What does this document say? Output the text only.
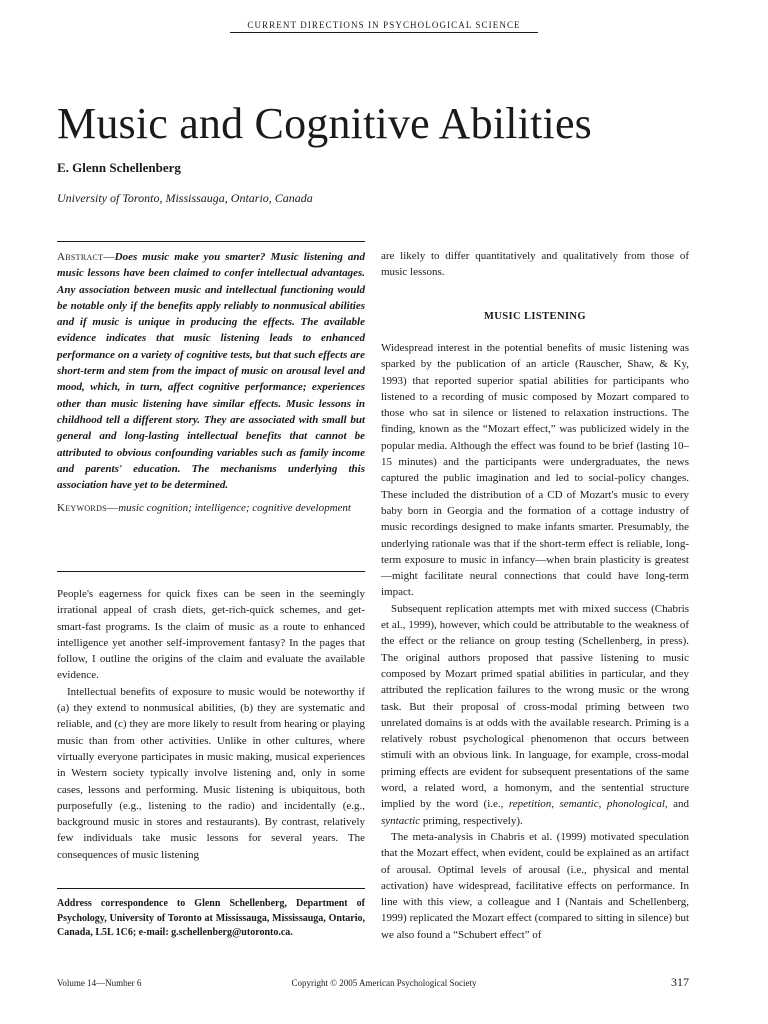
CURRENT DIRECTIONS IN PSYCHOLOGICAL SCIENCE
Music and Cognitive Abilities
E. Glenn Schellenberg
University of Toronto, Mississauga, Ontario, Canada

Abstract—Does music make you smarter? Music listening and music lessons have been claimed to confer intellectual advantages. Any association between music and intellectual functioning would be notable only if the benefits apply reliably to nonmusical abilities and if music is unique in producing the effects. The available evidence indicates that music listening leads to enhanced performance on a variety of cognitive tests, but that such effects are short-term and stem from the impact of music on arousal level and mood, which, in turn, affect cognitive performance; experiences other than music listening have similar effects. Music lessons in childhood tell a different story. They are associated with small but general and long-lasting intellectual benefits that cannot be attributed to obvious confounding variables such as family income and parents' education. The mechanisms underlying this association have yet to be determined.

Keywords—music cognition; intelligence; cognitive development

People's eagerness for quick fixes can be seen in the seemingly irrational appeal of crash diets, get-rich-quick schemes, and get-smart-fast programs. Is the claim of music as a route to enhanced intelligence yet another self-improvement fantasy? In the pages that follow, I outline the origins of the claim and evaluate the available evidence.

Intellectual benefits of exposure to music would be noteworthy if (a) they extend to nonmusical abilities, (b) they are systematic and reliable, and (c) they are more likely to result from hearing or playing music than from other activities. Unlike in other cultures, where virtually everyone participates in music making, musical experiences in Western society typically involve listening and, only in some cases, lessons and performing. Music listening is ubiquitous, both purposefully (e.g., listening to the radio) and incidentally (e.g., background music in stores and restaurants). By contrast, relatively few individuals take music lessons for several years. The consequences of music listening

Address correspondence to Glenn Schellenberg, Department of Psychology, University of Toronto at Mississauga, Mississauga, Ontario, Canada, L5L 1C6; e-mail: g.schellenberg@utoronto.ca.
are likely to differ quantitatively and qualitatively from those of music lessons.
MUSIC LISTENING

Widespread interest in the potential benefits of music listening was sparked by the publication of an article (Rauscher, Shaw, & Ky, 1993) that reported superior spatial abilities for participants who listened to a recording of music composed by Mozart compared to those who sat in silence or listened to relaxation instructions. The finding, known as the “Mozart effect,” was publicized widely in the popular media. Although the effect was found to be brief (lasting 10–15 minutes) and the participants were undergraduates, the news captured the public imagination and led to social-policy changes. These included the distribution of a CD of Mozart's music to every baby born in Georgia and the formation of a cottage industry of music recordings designed to make infants smarter. Presumably, the underlying rationale was that if the short-term effect is reliable, long-term exposure to music in infancy—when brain plasticity is greatest—might facilitate neural connections that could have long-term impact.

Subsequent replication attempts met with mixed success (Chabris et al., 1999), however, which could be attributable to the weakness of the effect or the reliance on group testing (Schellenberg, in press). The original authors proposed that passive listening to music composed by Mozart primed spatial abilities in particular, and they attributed the replication failures to the wrong music or the wrong task. But their proposal of cross-modal priming between two unrelated domains is at odds with the available research. Priming is a relatively robust psychological phenomenon that occurs between stimuli with an obvious link. In language, for example, cross-modal priming effects are evident for subsequent presentations of the same word, a related word, a homonym, and the sentential structure implied by the word (i.e., repetition, semantic, phonological, and syntactic priming, respectively).

The meta-analysis in Chabris et al. (1999) motivated speculation that the Mozart effect, when evident, could be explained as an artifact of arousal. Optimal levels of arousal (i.e., physical and mental activation) have widespread, facilitative effects on performance. In line with this view, a colleague and I (Nantais and Schellenberg, 1999) replicated the Mozart effect (compared to sitting in silence) but we also found a “Schubert effect” of

Volume 14—Number 6	Copyright © 2005 American Psychological Society	317
